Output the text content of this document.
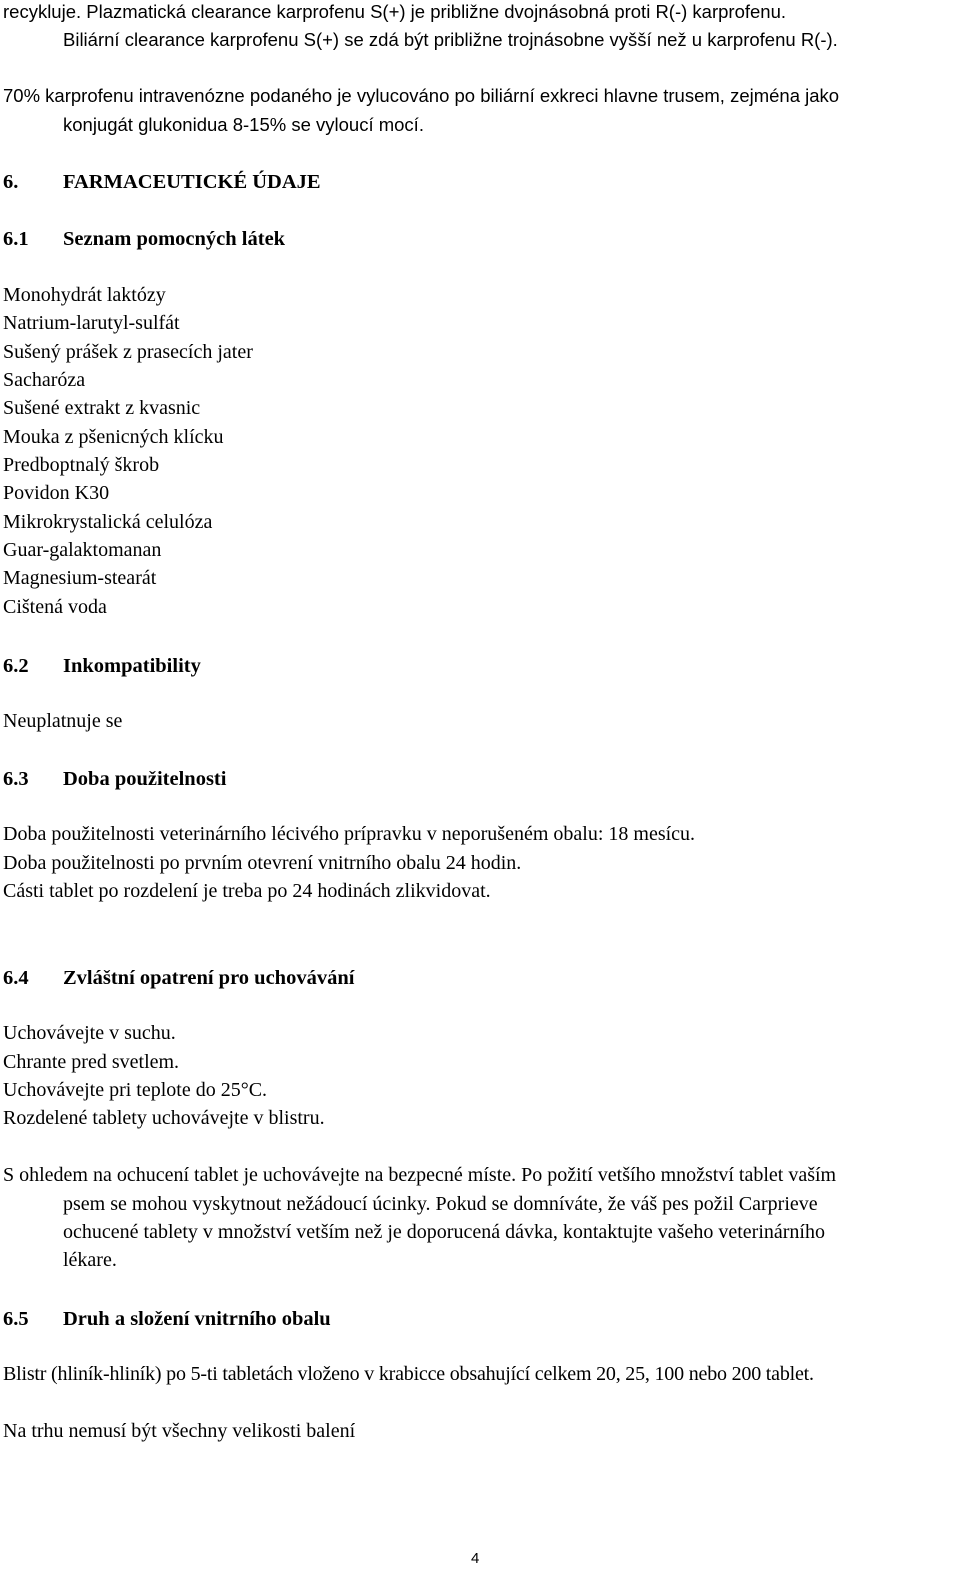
recykluje. Plazmatická clearance karprofenu S(+) je približne dvojnásobná proti R(-) karprofenu.
Biliární clearance karprofenu S(+) se zdá být približne trojnásobne vyšší než u karprofenu R(-).
70% karprofenu intravenózne podaného je vylucováno po biliární exkreci hlavne trusem, zejména jako
konjugát glukonidua 8-15% se vyloucí mocí.
6. FARMACEUTICKÉ ÚDAJE
6.1 Seznam pomocných látek
Monohydrát laktózy
Natrium-larutyl-sulfát
Sušený prášek z prasecích jater
Sacharóza
Sušené extrakt z kvasnic
Mouka z pšenicných klícku
Predboptnalý škrob
Povidon K30
Mikrokrystalická celulóza
Guar-galaktomanan
Magnesium-stearát
Cištená voda
6.2 Inkompatibility
Neuplatnuje se
6.3 Doba použitelnosti
Doba použitelnosti veterinárního lécivého prípravku v neporušeném obalu: 18 mesícu.
Doba použitelnosti po prvním otevrení vnitrního obalu 24 hodin.
Cásti tablet po rozdelení je treba po 24 hodinách zlikvidovat.
6.4 Zvláštní opatrení pro uchovávání
Uchovávejte v suchu.
Chrante pred svetlem.
Uchovávejte pri teplote do 25°C.
Rozdelené tablety uchovávejte v blistru.
S ohledem na ochucení tablet je uchovávejte na bezpecné míste. Po požití vetšího množství tablet vaším
psem se mohou vyskytnout nežádoucí úcinky. Pokud se domníváte, že váš pes požil Carprieve
ochucené tablety v množství vetším než je doporucená dávka, kontaktujte vašeho veterinárního
lékare.
6.5 Druh a složení vnitrního obalu
Blistr (hliník-hliník) po 5-ti tabletách vloženo v krabicce obsahující celkem 20, 25, 100 nebo 200 tablet.
Na trhu nemusí být všechny velikosti balení
4
